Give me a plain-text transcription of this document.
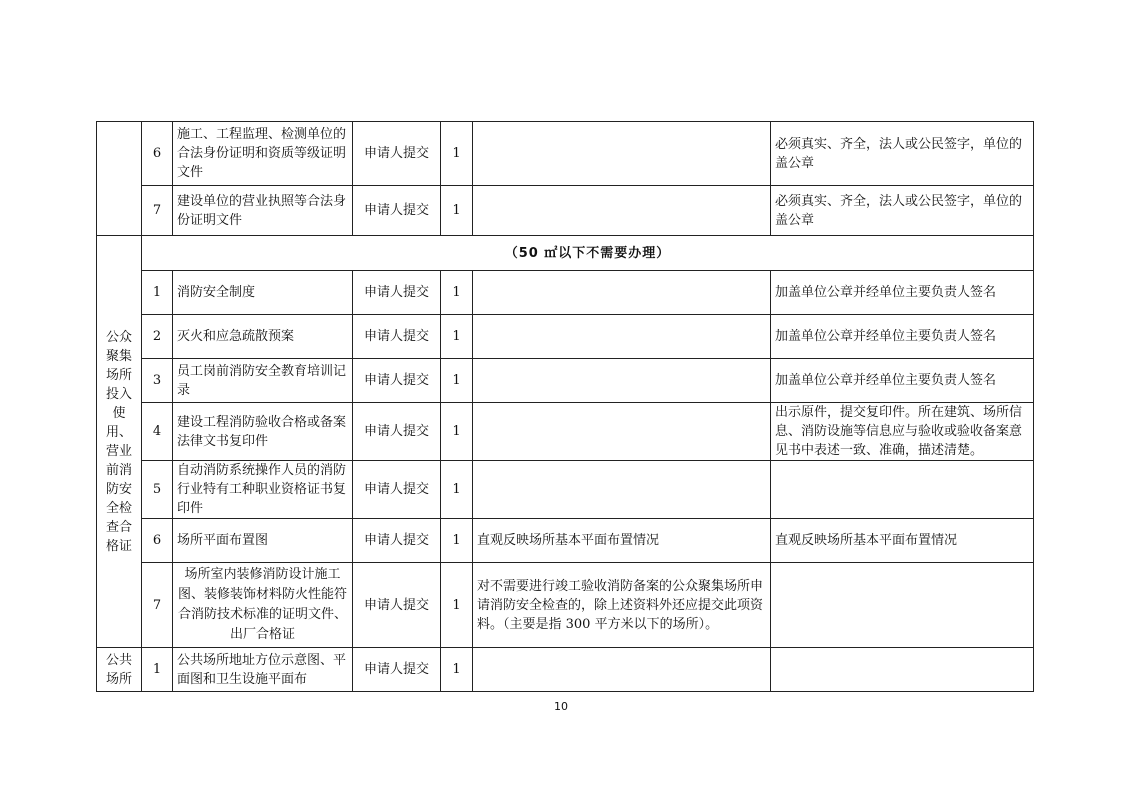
	6	施工、工程监理、检测单位的合法身份证明和资质等级证明文件	申请人提交	1		必须真实、齐全，法人或公民签字，单位的盖公章
	7	建设单位的营业执照等合法身份证明文件	申请人提交	1		必须真实、齐全，法人或公民签字，单位的盖公章
公众聚集场所投入使用、营业前消防安全检查合格证	（50 ㎡以下不需要办理）					
	1	消防安全制度	申请人提交	1		加盖单位公章并经单位主要负责人签名
	2	灭火和应急疏散预案	申请人提交	1		加盖单位公章并经单位主要负责人签名
	3	员工岗前消防安全教育培训记录	申请人提交	1		加盖单位公章并经单位主要负责人签名
	4	建设工程消防验收合格或备案法律文书复印件	申请人提交	1		出示原件，提交复印件。所在建筑、场所信息、消防设施等信息应与验收或验收备案意见书中表述一致、准确，描述清楚。
	5	自动消防系统操作人员的消防行业特有工种职业资格证书复印件	申请人提交	1		
	6	场所平面布置图	申请人提交	1	直观反映场所基本平面布置情况	直观反映场所基本平面布置情况
	7	场所室内装修消防设计施工图、装修装饰材料防火性能符合消防技术标准的证明文件、出厂合格证	申请人提交	1	对不需要进行竣工验收消防备案的公众聚集场所申请消防安全检查的，除上述资料外还应提交此项资料。（主要是指 300 平方米以下的场所）。	
公共场所	1	公共场所地址方位示意图、平面图和卫生设施平面布	申请人提交	1		
10
